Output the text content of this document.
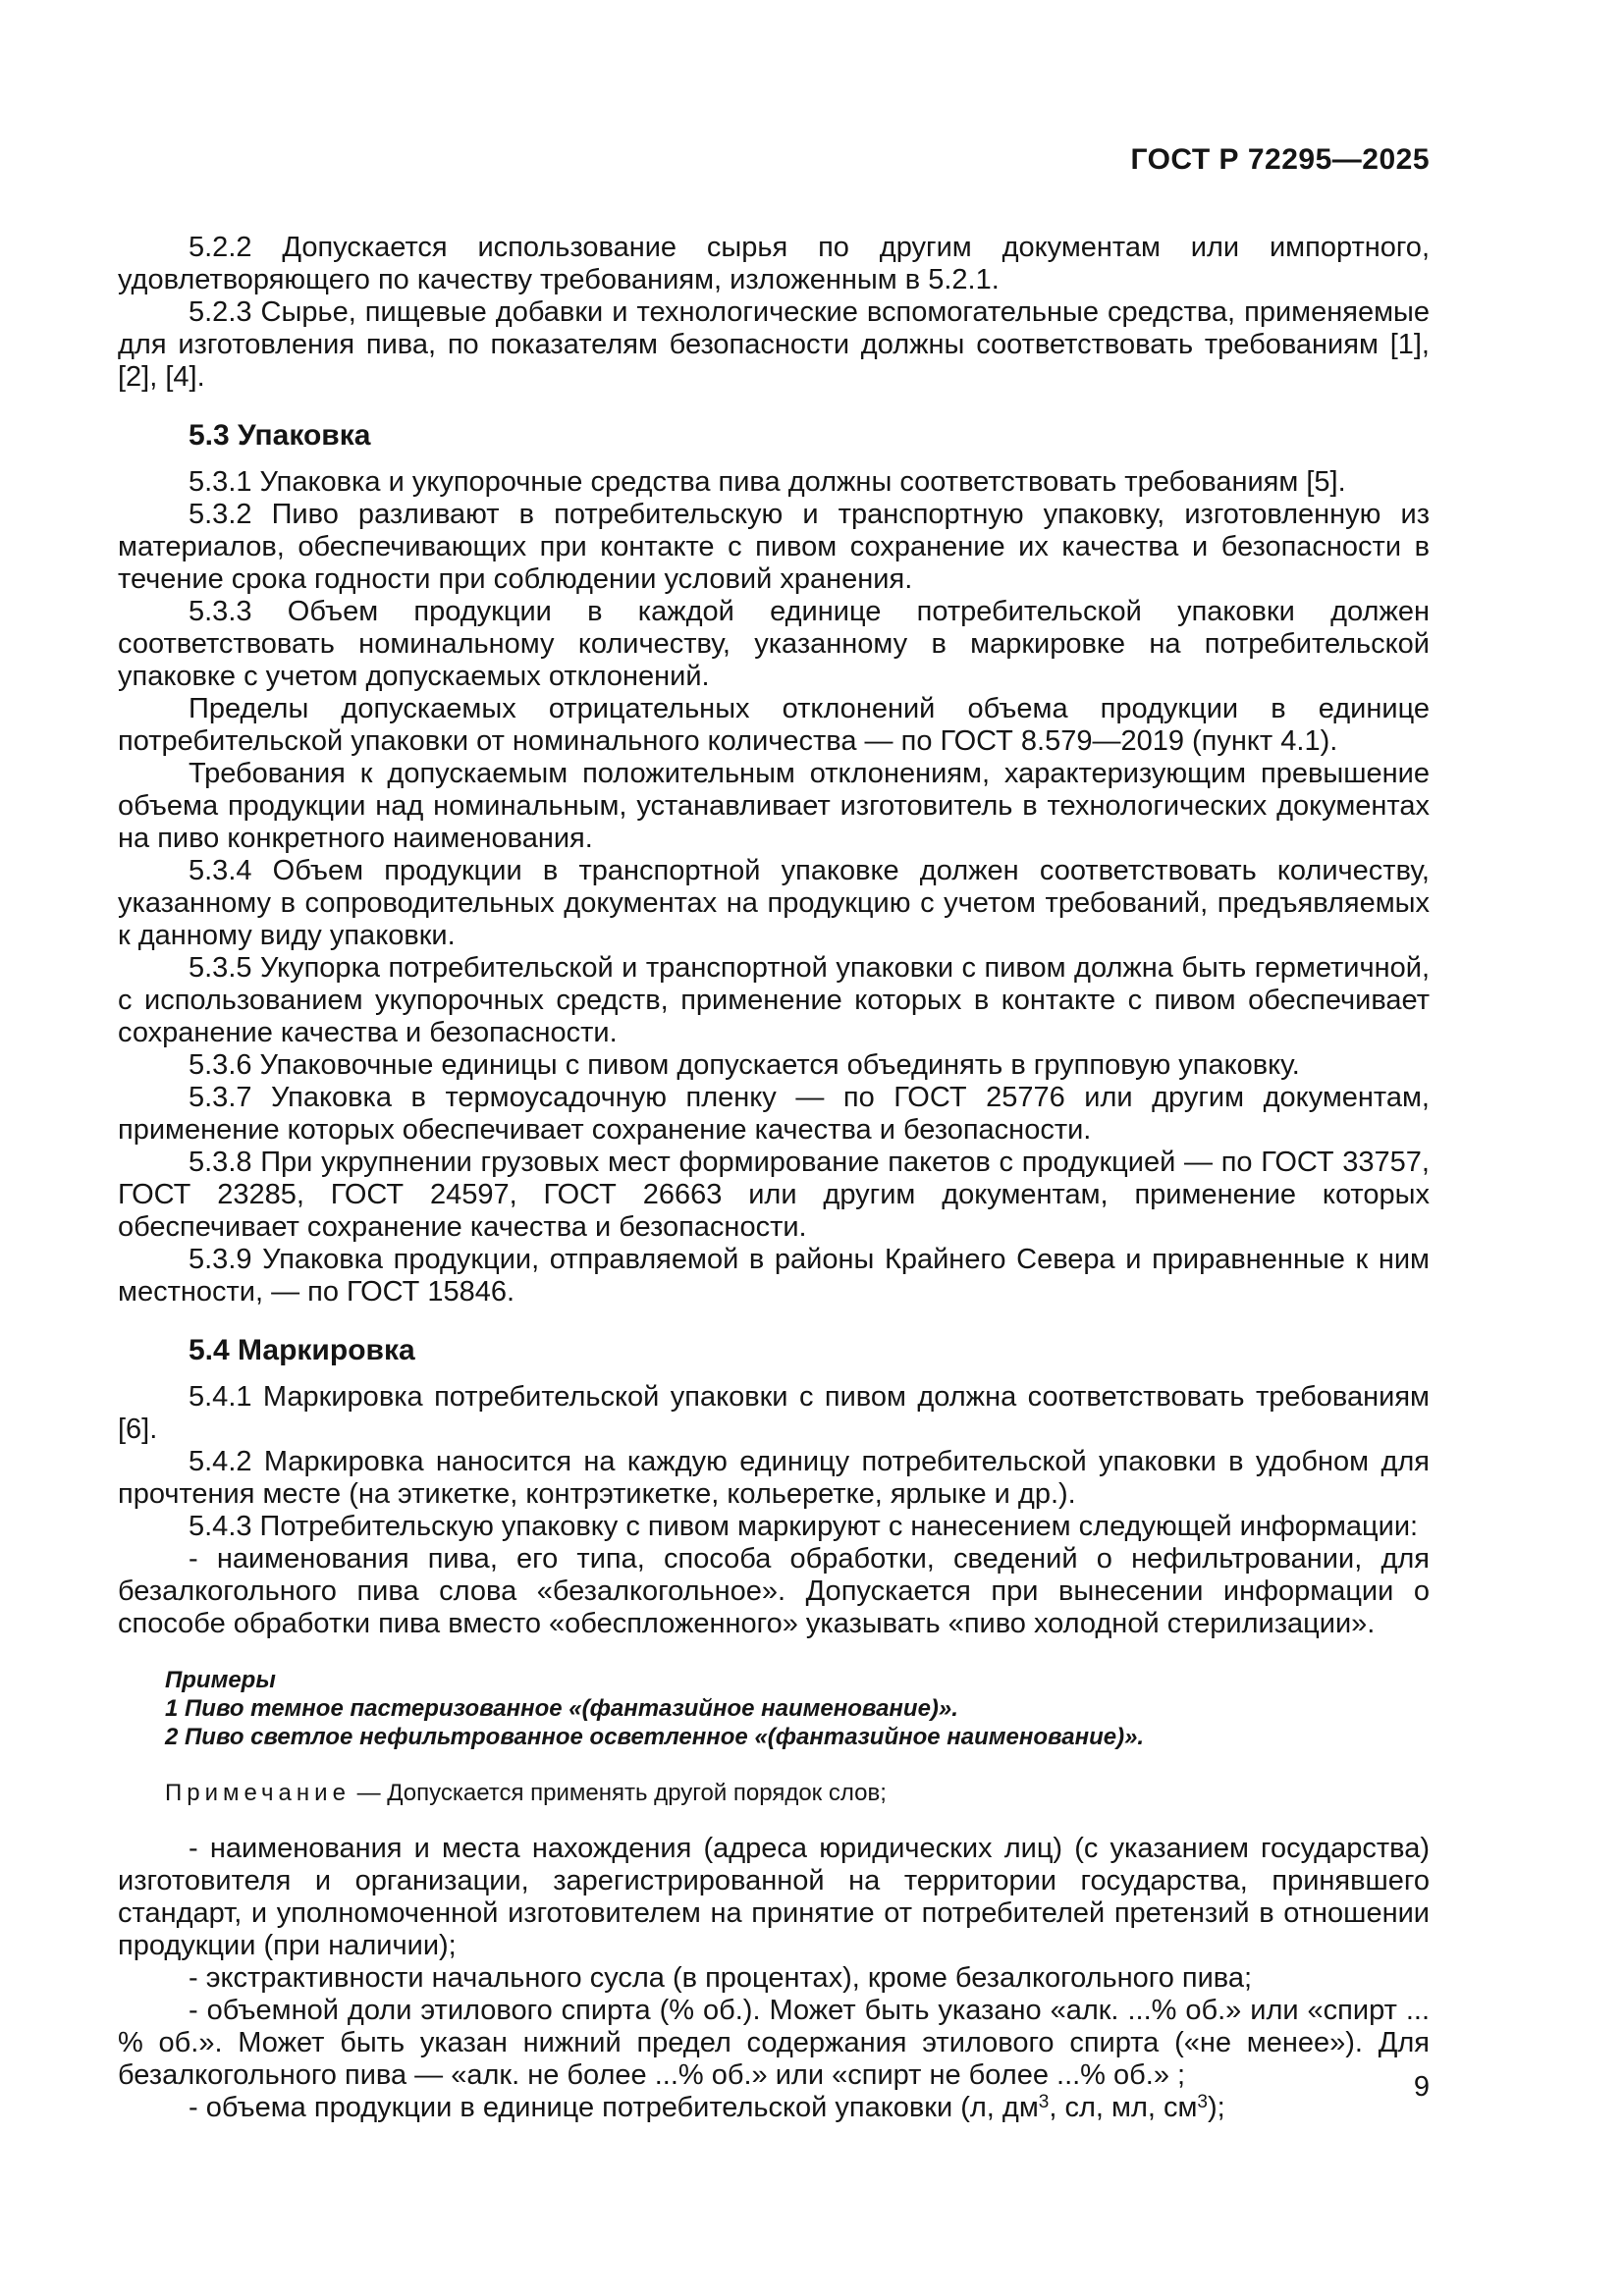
ГОСТ Р 72295—2025

5.2.2 Допускается использование сырья по другим документам или импортного, удовлетворяющего по качеству требованиям, изложенным в 5.2.1.

5.2.3 Сырье, пищевые добавки и технологические вспомогательные средства, применяемые для изготовления пива, по показателям безопасности должны соответствовать требованиям [1], [2], [4].

5.3 Упаковка

5.3.1 Упаковка и укупорочные средства пива должны соответствовать требованиям [5].

5.3.2 Пиво разливают в потребительскую и транспортную упаковку, изготовленную из материалов, обеспечивающих при контакте с пивом сохранение их качества и безопасности в течение срока годности при соблюдении условий хранения.

5.3.3 Объем продукции в каждой единице потребительской упаковки должен соответствовать номинальному количеству, указанному в маркировке на потребительской упаковке с учетом допускаемых отклонений.

Пределы допускаемых отрицательных отклонений объема продукции в единице потребительской упаковки от номинального количества — по ГОСТ 8.579—2019 (пункт 4.1).

Требования к допускаемым положительным отклонениям, характеризующим превышение объема продукции над номинальным, устанавливает изготовитель в технологических документах на пиво конкретного наименования.

5.3.4 Объем продукции в транспортной упаковке должен соответствовать количеству, указанному в сопроводительных документах на продукцию с учетом требований, предъявляемых к данному виду упаковки.

5.3.5 Укупорка потребительской и транспортной упаковки с пивом должна быть герметичной, с использованием укупорочных средств, применение которых в контакте с пивом обеспечивает сохранение качества и безопасности.

5.3.6 Упаковочные единицы с пивом допускается объединять в групповую упаковку.

5.3.7 Упаковка в термоусадочную пленку — по ГОСТ 25776 или другим документам, применение которых обеспечивает сохранение качества и безопасности.

5.3.8 При укрупнении грузовых мест формирование пакетов с продукцией — по ГОСТ 33757, ГОСТ 23285, ГОСТ 24597, ГОСТ 26663 или другим документам, применение которых обеспечивает сохранение качества и безопасности.

5.3.9 Упаковка продукции, отправляемой в районы Крайнего Севера и приравненные к ним местности, — по ГОСТ 15846.

5.4 Маркировка

5.4.1 Маркировка потребительской упаковки с пивом должна соответствовать требованиям [6].

5.4.2 Маркировка наносится на каждую единицу потребительской упаковки в удобном для прочтения месте (на этикетке, контрэтикетке, кольеретке, ярлыке и др.).

5.4.3 Потребительскую упаковку с пивом маркируют с нанесением следующей информации:

- наименования пива, его типа, способа обработки, сведений о нефильтровании, для безалкогольного пива слова «безалкогольное». Допускается при вынесении информации о способе обработки пива вместо «обеспложенного» указывать «пиво холодной стерилизации».

Примеры
1 Пиво темное пастеризованное «(фантазийное наименование)».
2 Пиво светлое нефильтрованное осветленное «(фантазийное наименование)».
Примечание — Допускается применять другой порядок слов;

- наименования и места нахождения (адреса юридических лиц) (с указанием государства) изготовителя и организации, зарегистрированной на территории государства, принявшего стандарт, и уполномоченной изготовителем на принятие от потребителей претензий в отношении продукции (при наличии);

- экстрактивности начального сусла (в процентах), кроме безалкогольного пива;

- объемной доли этилового спирта (% об.). Может быть указано «алк. ...% об.» или «спирт ... % об.». Может быть указан нижний предел содержания этилового спирта («не менее»). Для безалкогольного пива — «алк. не более ...% об.» или «спирт не более ...% об.» ;

- объема продукции в единице потребительской упаковки (л, $дм^3$, сл, мл, $см^3$);

9
